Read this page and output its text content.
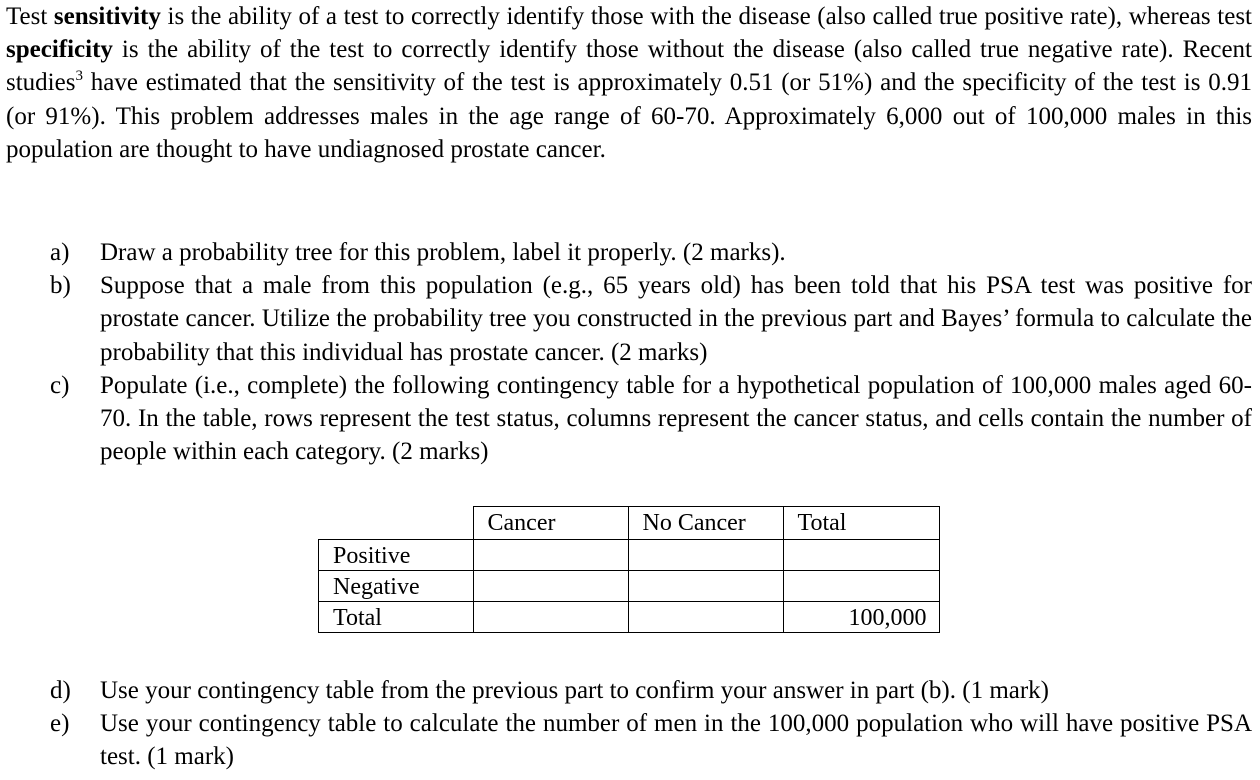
Test sensitivity is the ability of a test to correctly identify those with the disease (also called true positive rate), whereas test specificity is the ability of the test to correctly identify those without the disease (also called true negative rate). Recent studies$^3$ have estimated that the sensitivity of the test is approximately 0.51 (or 51%) and the specificity of the test is 0.91 (or 91%). This problem addresses males in the age range of 60-70. Approximately 6,000 out of 100,000 males in this population are thought to have undiagnosed prostate cancer.
a) Draw a probability tree for this problem, label it properly. (2 marks).
b) Suppose that a male from this population (e.g., 65 years old) has been told that his PSA test was positive for prostate cancer. Utilize the probability tree you constructed in the previous part and Bayes’ formula to calculate the probability that this individual has prostate cancer. (2 marks)
c) Populate (i.e., complete) the following contingency table for a hypothetical population of 100,000 males aged 60-70. In the table, rows represent the test status, columns represent the cancer status, and cells contain the number of people within each category. (2 marks)
	Cancer	No Cancer	Total
Positive			
Negative			
Total			100,000
d) Use your contingency table from the previous part to confirm your answer in part (b). (1 mark)
e) Use your contingency table to calculate the number of men in the 100,000 population who will have positive PSA test. (1 mark)
